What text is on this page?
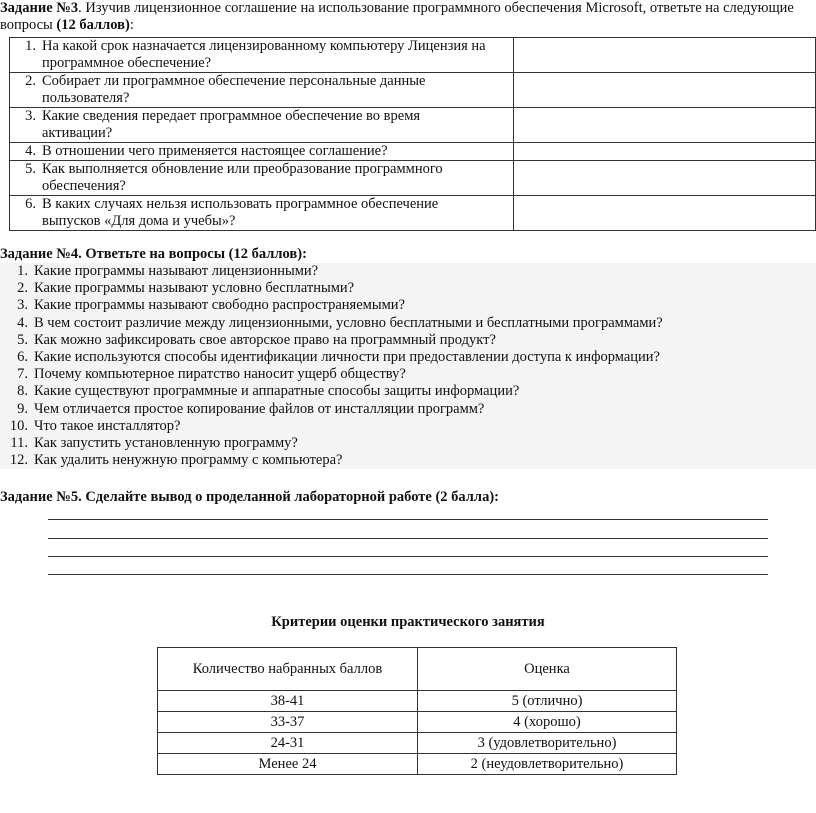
Задание №3. Изучив лицензионное соглашение на использование программного обеспечения Microsoft, ответьте на следующие
вопросы (12 баллов):
1. На какой срок назначается лицензированному компьютеру Лицензия на
программное обеспечение?	

2. Собирает ли программное обеспечение персональные данные
пользователя?	

3. Какие сведения передает программное обеспечение во время
активации?	

4. В отношении чего применяется настоящее соглашение?	

5. Как выполняется обновление или преобразование программного
обеспечения?	

6. В каких случаях нельзя использовать программное обеспечение
выпусков «Для дома и учебы»?	

Задание №4. Ответьте на вопросы (12 баллов):
1. Какие программы называют лицензионными?
2. Какие программы называют условно бесплатными?
3. Какие программы называют свободно распространяемыми?
4. В чем состоит различие между лицензионными, условно бесплатными и бесплатными программами?
5. Как можно зафиксировать свое авторское право на программный продукт?
6. Какие используются способы идентификации личности при предоставлении доступа к информации?
7. Почему компьютерное пиратство наносит ущерб обществу?
8. Какие существуют программные и аппаратные способы защиты информации?
9. Чем отличается простое копирование файлов от инсталляции программ?
10. Что такое инсталлятор?
11. Как запустить установленную программу?
12. Как удалить ненужную программу с компьютера?
Задание №5. Сделайте вывод о проделанной лабораторной работе (2 балла):
Критерии оценки практического занятия
Количество набранных баллов	Оценка
38-41	5 (отлично)
33-37	4 (хорошо)
24-31	3 (удовлетворительно)
Менее 24	2 (неудовлетворительно)
